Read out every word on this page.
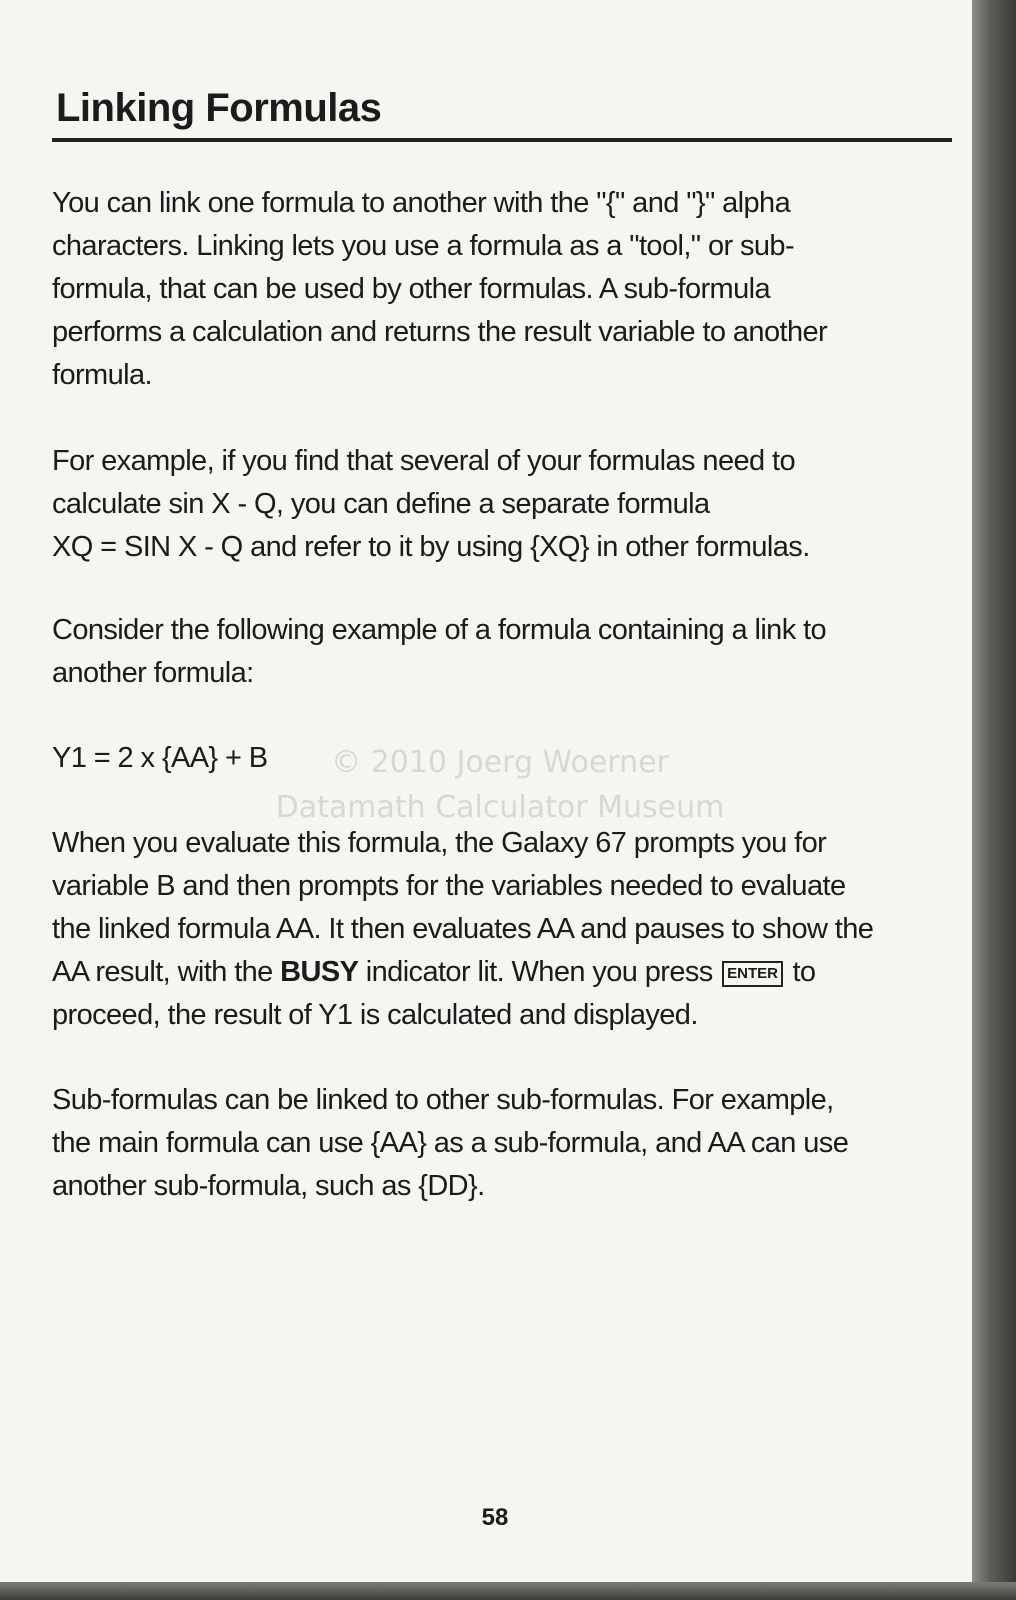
Linking Formulas

You can link one formula to another with the "{" and "}" alpha
characters. Linking lets you use a formula as a "tool," or sub-
formula, that can be used by other formulas. A sub-formula
performs a calculation and returns the result variable to another
formula.

For example, if you find that several of your formulas need to
calculate sin X - Q, you can define a separate formula
XQ = SIN X - Q and refer to it by using {XQ} in other formulas.

Consider the following example of a formula containing a link to
another formula:

Y1 = 2 x {AA} + B

When you evaluate this formula, the Galaxy 67 prompts you for
variable B and then prompts for the variables needed to evaluate
the linked formula AA. It then evaluates AA and pauses to show the
AA result, with the BUSY indicator lit. When you press ENTER to
proceed, the result of Y1 is calculated and displayed.

Sub-formulas can be linked to other sub-formulas. For example,
the main formula can use {AA} as a sub-formula, and AA can use
another sub-formula, such as {DD}.

© 2010 Joerg Woerner
Datamath Calculator Museum
58
